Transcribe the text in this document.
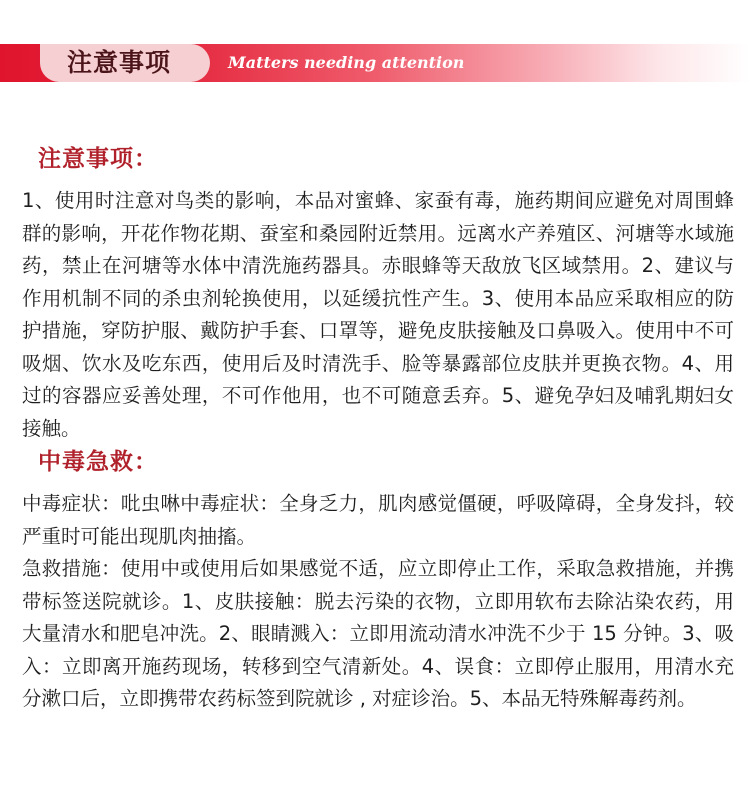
注意事项	Matters needing attention
注意事项：
1、使用时注意对鸟类的影响，本品对蜜蜂、家蚕有毒，施药期间应避免对周围蜂群的影响，开花作物花期、蚕室和桑园附近禁用。远离水产养殖区、河塘等水域施药，禁止在河塘等水体中清洗施药器具。赤眼蜂等天敌放飞区域禁用。2、建议与作用机制不同的杀虫剂轮换使用，以延缓抗性产生。3、使用本品应采取相应的防护措施，穿防护服、戴防护手套、口罩等，避免皮肤接触及口鼻吸入。使用中不可吸烟、饮水及吃东西，使用后及时清洗手、脸等暴露部位皮肤并更换衣物。4、用过的容器应妥善处理，不可作他用，也不可随意丢弃。5、避免孕妇及哺乳期妇女接触。
中毒急救：
中毒症状：吡虫啉中毒症状：全身乏力，肌肉感觉僵硬，呼吸障碍，全身发抖，较严重时可能出现肌肉抽搐。
急救措施：使用中或使用后如果感觉不适，应立即停止工作，采取急救措施，并携带标签送院就诊。1、皮肤接触：脱去污染的衣物，立即用软布去除沾染农药，用大量清水和肥皂冲洗。2、眼睛溅入：立即用流动清水冲洗不少于 15 分钟。3、吸入：立即离开施药现场，转移到空气清新处。4、误食：立即停止服用，用清水充分漱口后，立即携带农药标签到院就诊 , 对症诊治。5、本品无特殊解毒药剂。
